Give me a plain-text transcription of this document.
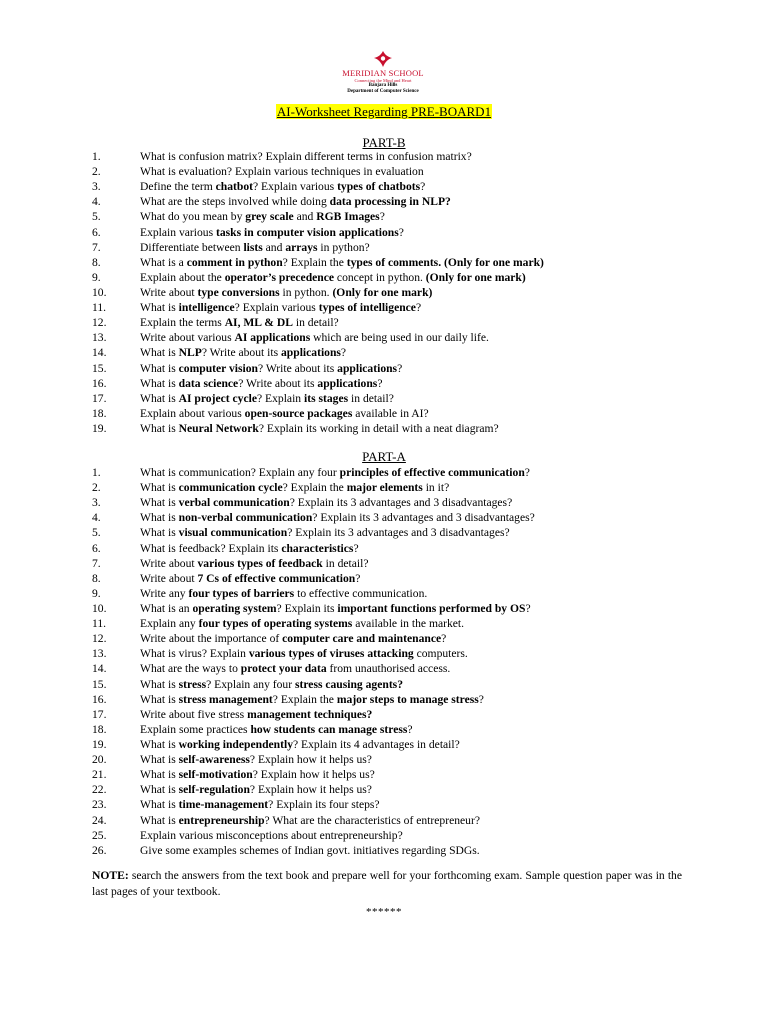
MERIDIAN SCHOOL
Connecting the Mind and Heart
Banjara Hills
Department of Computer Science
AI-Worksheet Regarding PRE-BOARD1
PART-B
1.	What is confusion matrix? Explain different terms in confusion matrix?
2.	What is evaluation? Explain various techniques in evaluation
3.	Define the term chatbot? Explain various types of chatbots?
4.	What are the steps involved while doing data processing in NLP?
5.	What do you mean by grey scale and RGB Images?
6.	Explain various tasks in computer vision applications?
7.	Differentiate between lists and arrays in python?
8.	What is a comment in python? Explain the types of comments. (Only for one mark)
9.	Explain about the operator’s precedence concept in python. (Only for one mark)
10.	Write about type conversions in python. (Only for one mark)
11.	What is intelligence? Explain various types of intelligence?
12.	Explain the terms AI, ML & DL in detail?
13.	Write about various AI applications which are being used in our daily life.
14.	What is NLP? Write about its applications?
15.	What is computer vision? Write about its applications?
16.	What is data science? Write about its applications?
17.	What is AI project cycle? Explain its stages in detail?
18.	Explain about various open-source packages available in AI?
19.	What is Neural Network? Explain its working in detail with a neat diagram?
PART-A
1.	What is communication? Explain any four principles of effective communication?
2.	What is communication cycle? Explain the major elements in it?
3.	What is verbal communication? Explain its 3 advantages and 3 disadvantages?
4.	What is non-verbal communication? Explain its 3 advantages and 3 disadvantages?
5.	What is visual communication? Explain its 3 advantages and 3 disadvantages?
6.	What is feedback? Explain its characteristics?
7.	Write about various types of feedback in detail?
8.	Write about 7 Cs of effective communication?
9.	Write any four types of barriers to effective communication.
10.	What is an operating system? Explain its important functions performed by OS?
11.	Explain any four types of operating systems available in the market.
12.	Write about the importance of computer care and maintenance?
13.	What is virus? Explain various types of viruses attacking computers.
14.	What are the ways to protect your data from unauthorised access.
15.	What is stress? Explain any four stress causing agents?
16.	What is stress management? Explain the major steps to manage stress?
17.	Write about five stress management techniques?
18.	Explain some practices how students can manage stress?
19.	What is working independently? Explain its 4 advantages in detail?
20.	What is self-awareness? Explain how it helps us?
21.	What is self-motivation? Explain how it helps us?
22.	What is self-regulation? Explain how it helps us?
23.	What is time-management? Explain its four steps?
24.	What is entrepreneurship? What are the characteristics of entrepreneur?
25.	Explain various misconceptions about entrepreneurship?
26.	Give some examples schemes of Indian govt. initiatives regarding SDGs.
NOTE: search the answers from the text book and prepare well for your forthcoming exam. Sample question paper was in the last pages of your textbook.
******
